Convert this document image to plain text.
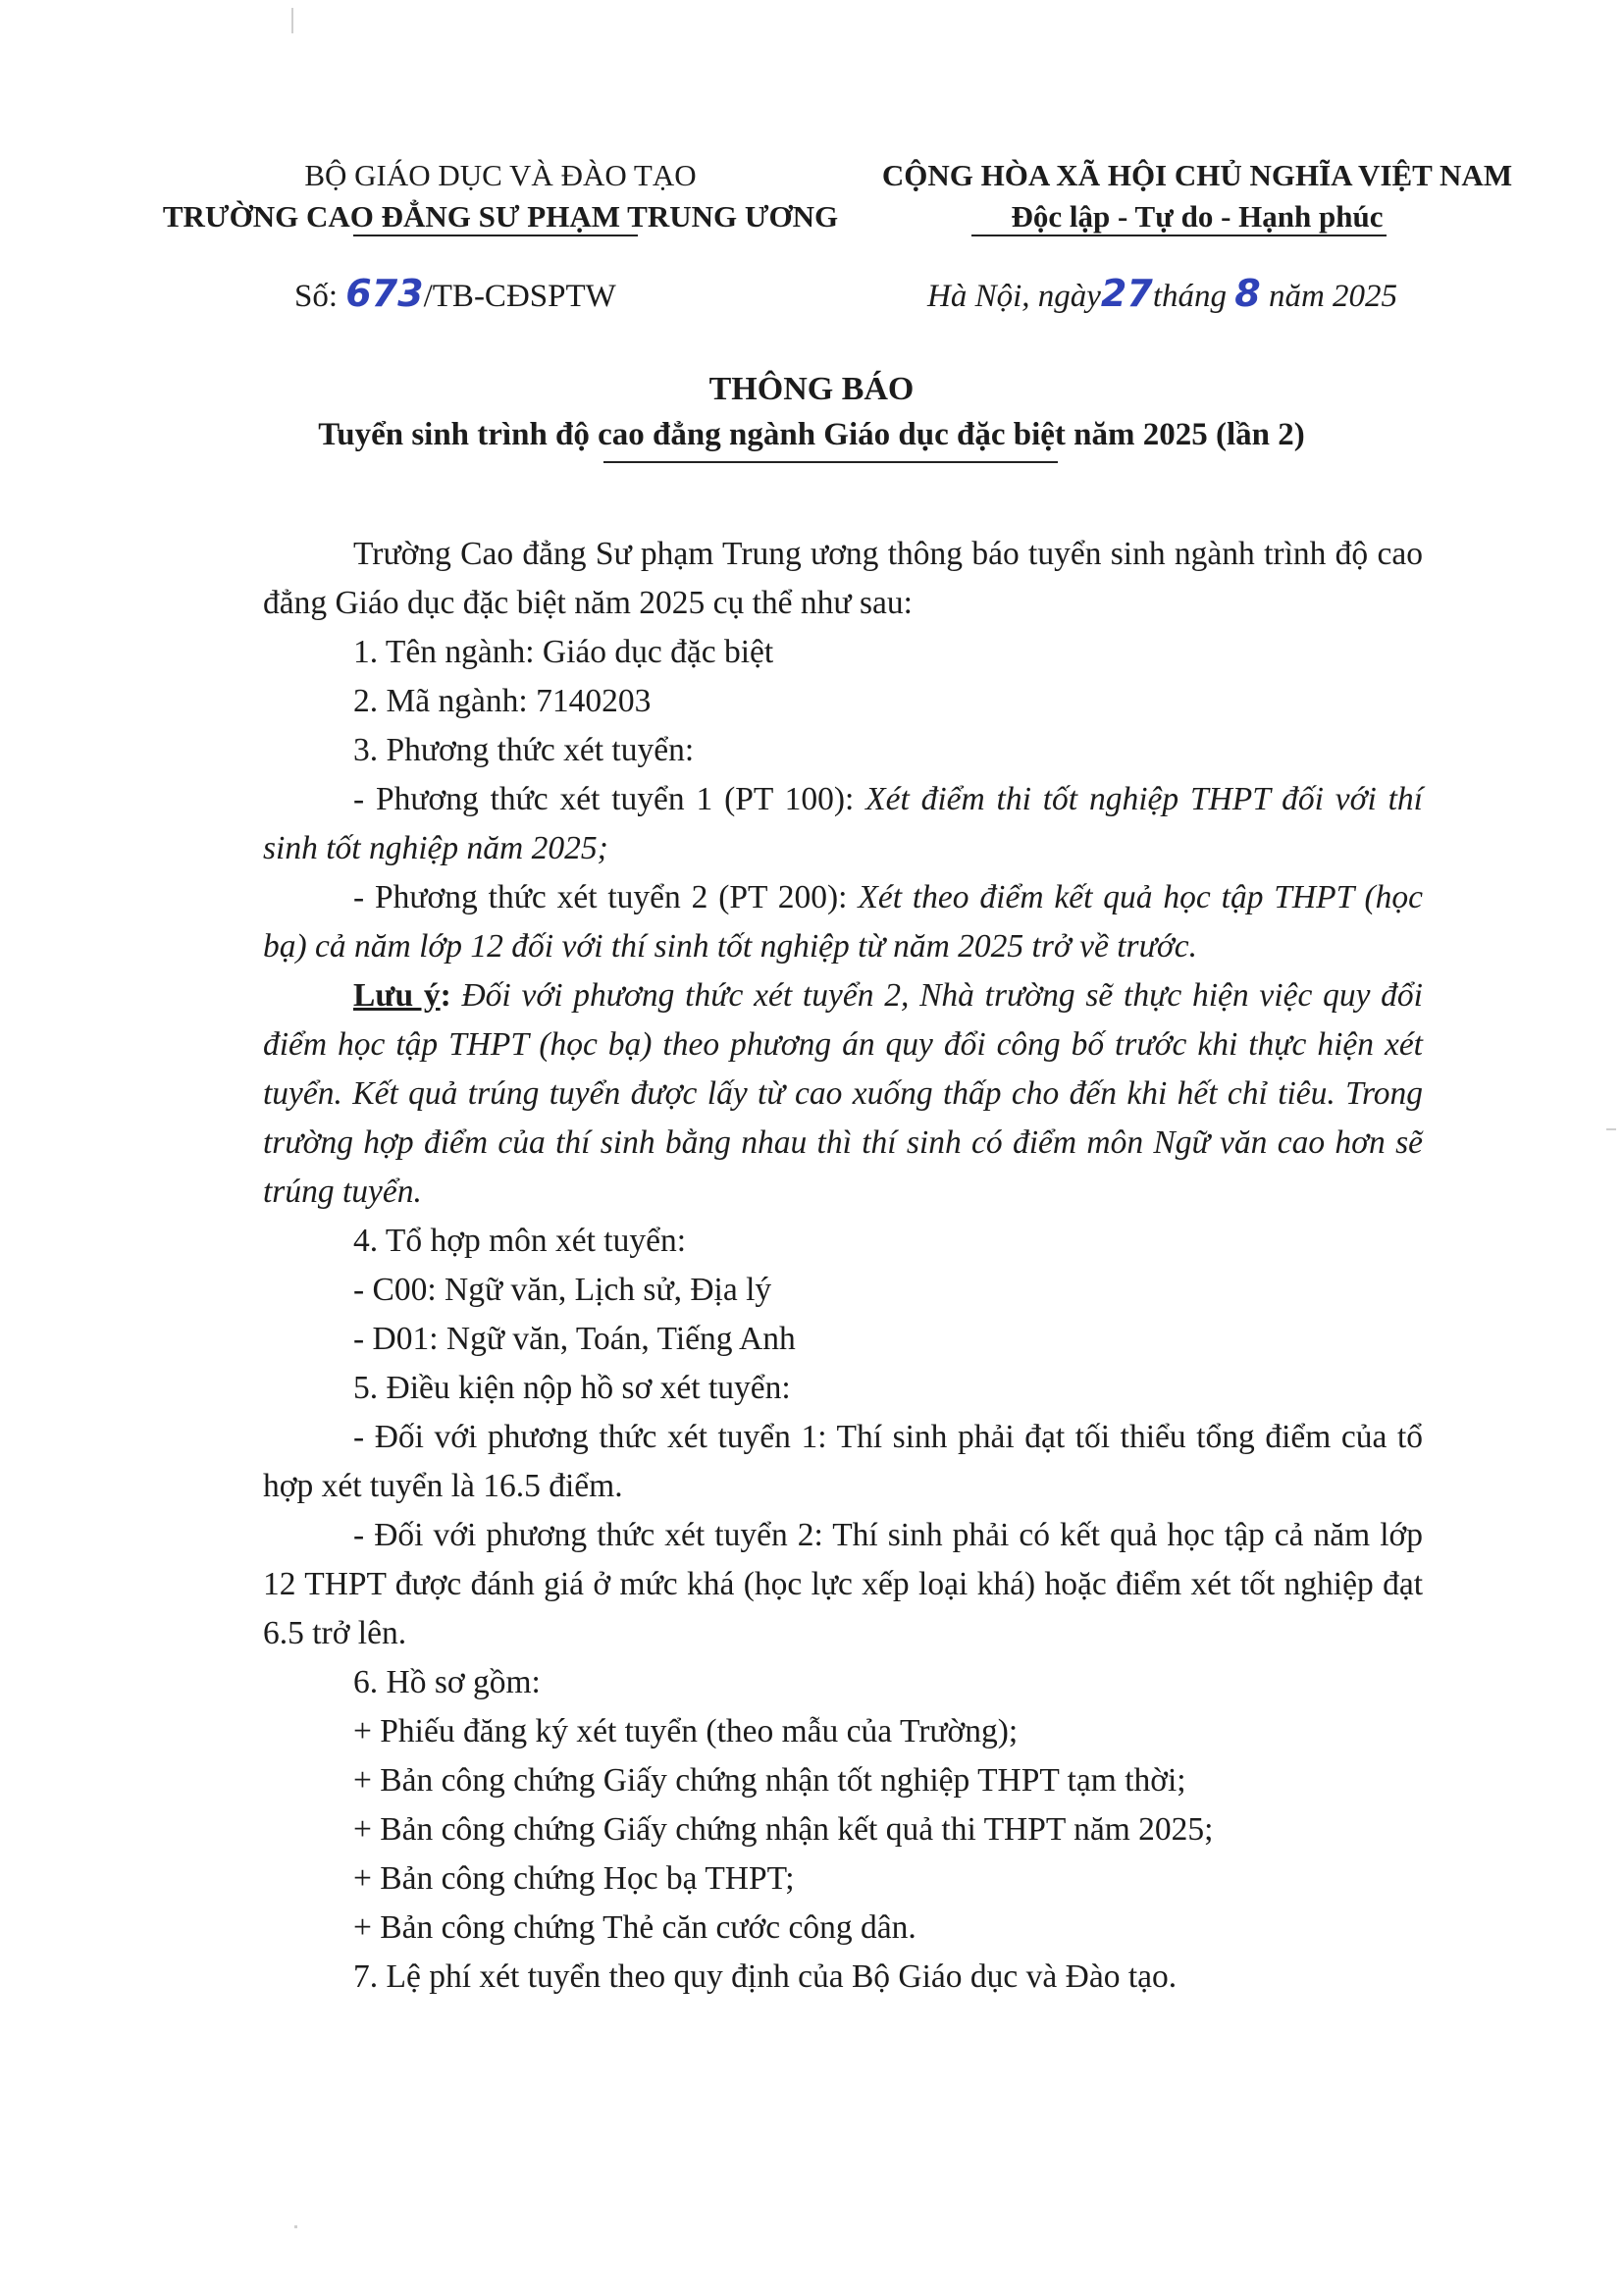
BỘ GIÁO DỤC VÀ ĐÀO TẠO
TRƯỜNG CAO ĐẲNG SƯ PHẠM TRUNG ƯƠNG
CỘNG HÒA XÃ HỘI CHỦ NGHĨA VIỆT NAM
Độc lập - Tự do - Hạnh phúc
Số: 673/TB-CĐSPTW	Hà Nội, ngày27tháng 8 năm 2025
THÔNG BÁO
Tuyển sinh trình độ cao đẳng ngành Giáo dục đặc biệt năm 2025 (lần 2)

Trường Cao đẳng Sư phạm Trung ương thông báo tuyển sinh ngành trình độ cao đẳng Giáo dục đặc biệt năm 2025 cụ thể như sau:

1. Tên ngành: Giáo dục đặc biệt

2. Mã ngành: 7140203

3. Phương thức xét tuyển:

- Phương thức xét tuyển 1 (PT 100): Xét điểm thi tốt nghiệp THPT đối với thí sinh tốt nghiệp năm 2025;

- Phương thức xét tuyển 2 (PT 200): Xét theo điểm kết quả học tập THPT (học bạ) cả năm lớp 12 đối với thí sinh tốt nghiệp từ năm 2025 trở về trước.

Lưu ý: Đối với phương thức xét tuyển 2, Nhà trường sẽ thực hiện việc quy đổi điểm học tập THPT (học bạ) theo phương án quy đổi công bố trước khi thực hiện xét tuyển. Kết quả trúng tuyển được lấy từ cao xuống thấp cho đến khi hết chỉ tiêu. Trong trường hợp điểm của thí sinh bằng nhau thì thí sinh có điểm môn Ngữ văn cao hơn sẽ trúng tuyển.

4. Tổ hợp môn xét tuyển:

- C00: Ngữ văn, Lịch sử, Địa lý

- D01: Ngữ văn, Toán, Tiếng Anh

5. Điều kiện nộp hồ sơ xét tuyển:

- Đối với phương thức xét tuyển 1: Thí sinh phải đạt tối thiểu tổng điểm của tổ hợp xét tuyển là 16.5 điểm.

- Đối với phương thức xét tuyển 2: Thí sinh phải có kết quả học tập cả năm lớp 12 THPT được đánh giá ở mức khá (học lực xếp loại khá) hoặc điểm xét tốt nghiệp đạt 6.5 trở lên.

6. Hồ sơ gồm:

+ Phiếu đăng ký xét tuyển (theo mẫu của Trường);

+ Bản công chứng Giấy chứng nhận tốt nghiệp THPT tạm thời;

+ Bản công chứng Giấy chứng nhận kết quả thi THPT năm 2025;

+ Bản công chứng Học bạ THPT;

+ Bản công chứng Thẻ căn cước công dân.

7. Lệ phí xét tuyển theo quy định của Bộ Giáo dục và Đào tạo.
